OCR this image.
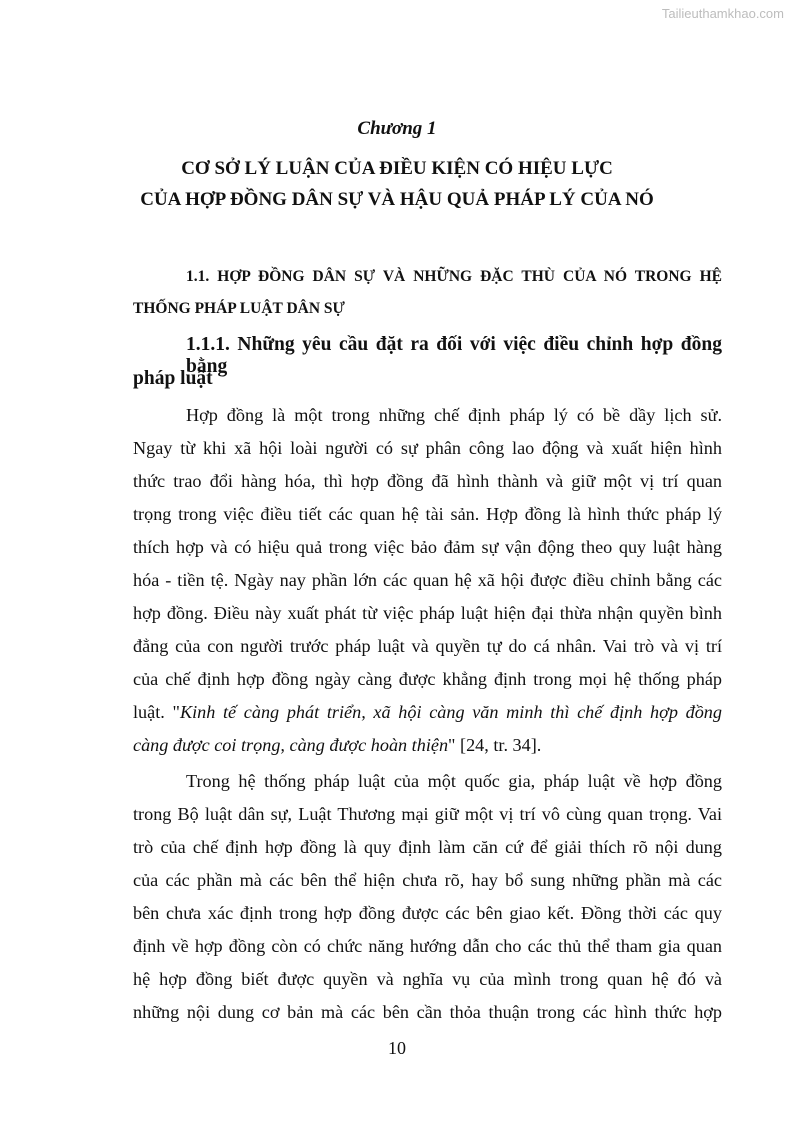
Tailieuthamkhao.com
Chương 1
CƠ SỞ LÝ LUẬN CỦA ĐIỀU KIỆN CÓ HIỆU LỰC
CỦA HỢP ĐỒNG DÂN SỰ VÀ HẬU QUẢ PHÁP LÝ CỦA NÓ
1.1. HỢP ĐỒNG DÂN SỰ VÀ NHỮNG ĐẶC THÙ CỦA NÓ TRONG HỆ
THỐNG PHÁP LUẬT DÂN SỰ
1.1.1. Những yêu cầu đặt ra đối với việc điều chỉnh hợp đồng bằng
pháp luật
Hợp đồng là một trong những chế định pháp lý có bề dầy lịch sử.
Ngay từ khi xã hội loài người có sự phân công lao động và xuất hiện hình
thức trao đổi hàng hóa, thì hợp đồng đã hình thành và giữ một vị trí quan
trọng trong việc điều tiết các quan hệ tài sản. Hợp đồng là hình thức pháp lý
thích hợp và có hiệu quả trong việc bảo đảm sự vận động theo quy luật hàng
hóa - tiền tệ. Ngày nay phần lớn các quan hệ xã hội được điều chỉnh bằng các
hợp đồng. Điều này xuất phát từ việc pháp luật hiện đại thừa nhận quyền bình
đẳng của con người trước pháp luật và quyền tự do cá nhân. Vai trò và vị trí
của chế định hợp đồng ngày càng được khẳng định trong mọi hệ thống pháp
luật. "Kinh tế càng phát triển, xã hội càng văn minh thì chế định hợp đồng
càng được coi trọng, càng được hoàn thiện" [24, tr. 34].
Trong hệ thống pháp luật của một quốc gia, pháp luật về hợp đồng
trong Bộ luật dân sự, Luật Thương mại giữ một vị trí vô cùng quan trọng. Vai
trò của chế định hợp đồng là quy định làm căn cứ để giải thích rõ nội dung
của các phần mà các bên thể hiện chưa rõ, hay bổ sung những phần mà các
bên chưa xác định trong hợp đồng được các bên giao kết. Đồng thời các quy
định về hợp đồng còn có chức năng hướng dẫn cho các thủ thể tham gia quan
hệ hợp đồng biết được quyền và nghĩa vụ của mình trong quan hệ đó và
những nội dung cơ bản mà các bên cần thỏa thuận trong các hình thức hợp
10
